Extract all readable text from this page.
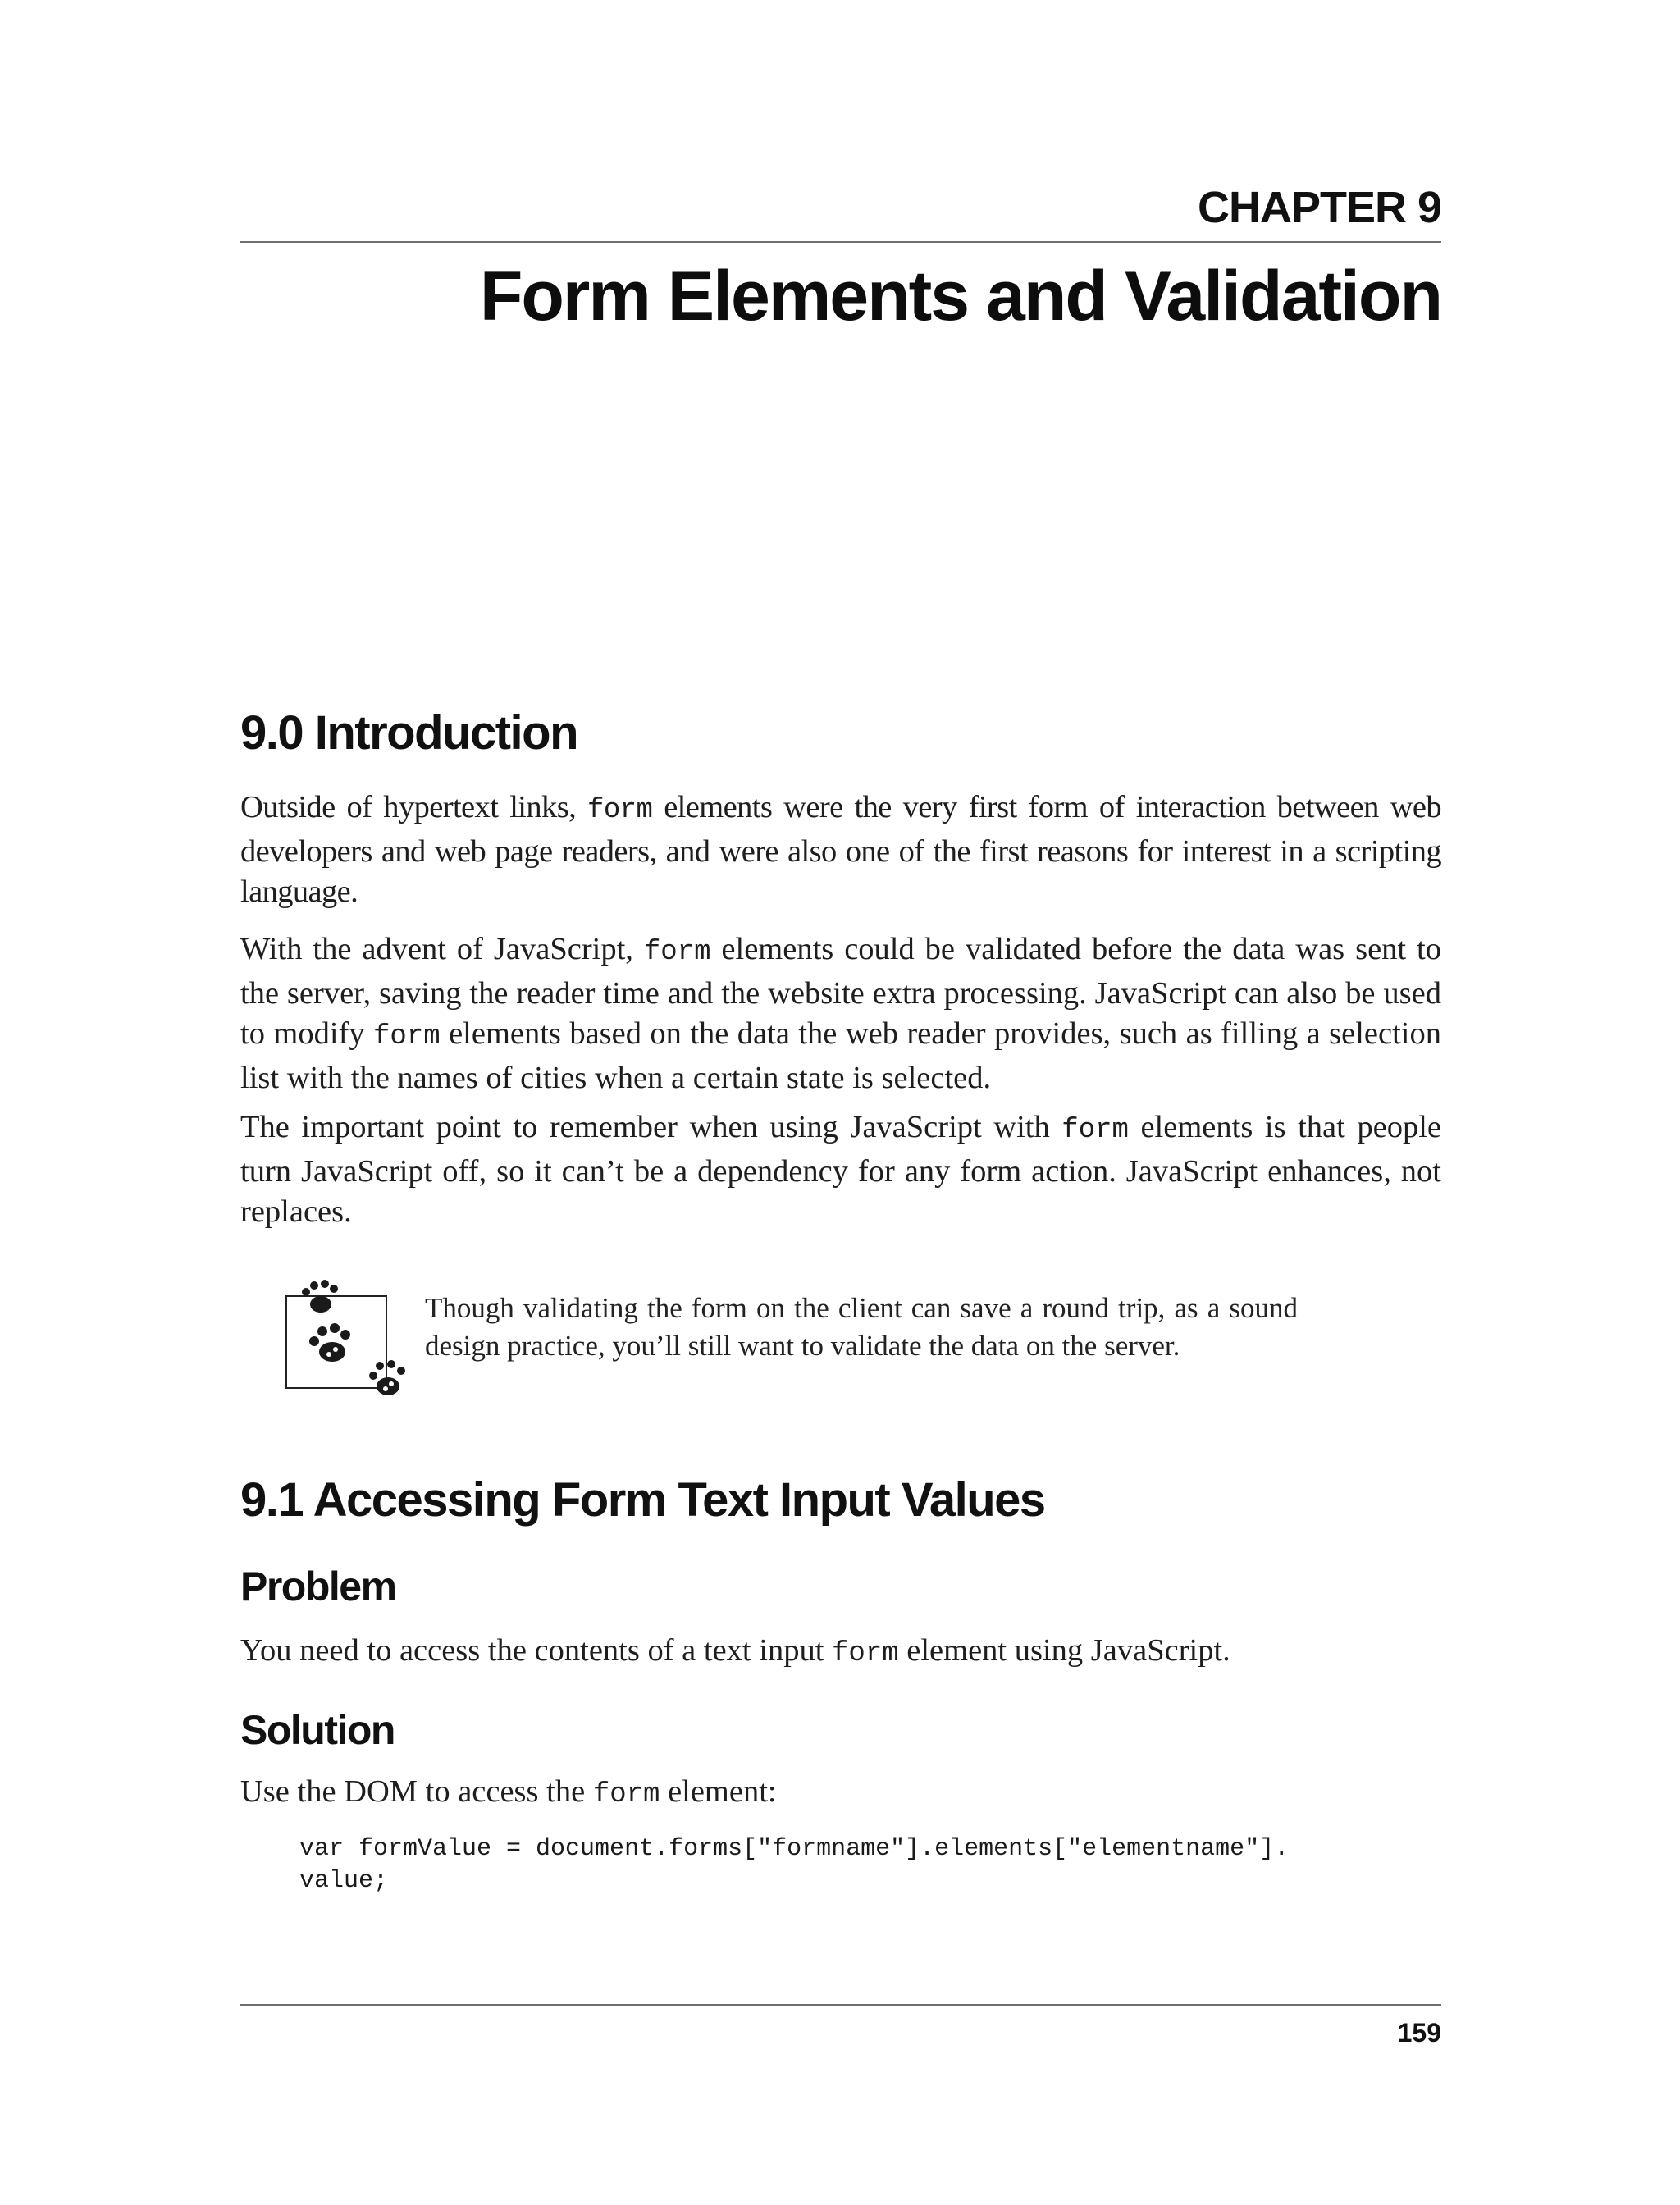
CHAPTER 9
Form Elements and Validation
9.0 Introduction

Outside of hypertext links, form elements were the very first form of interaction between web developers and web page readers, and were also one of the first reasons for interest in a scripting language.

With the advent of JavaScript, form elements could be validated before the data was sent to the server, saving the reader time and the website extra processing. JavaScript can also be used to modify form elements based on the data the web reader provides, such as filling a selection list with the names of cities when a certain state is selected.

The important point to remember when using JavaScript with form elements is that people turn JavaScript off, so it can’t be a dependency for any form action. JavaScript enhances, not replaces.

Though validating the form on the client can save a round trip, as a sound design practice, you’ll still want to validate the data on the server.

9.1 Accessing Form Text Input Values
Problem

You need to access the contents of a text input form element using JavaScript.

Solution

Use the DOM to access the form element:

var formValue = document.forms["formname"].elements["elementname"].
value;
159
